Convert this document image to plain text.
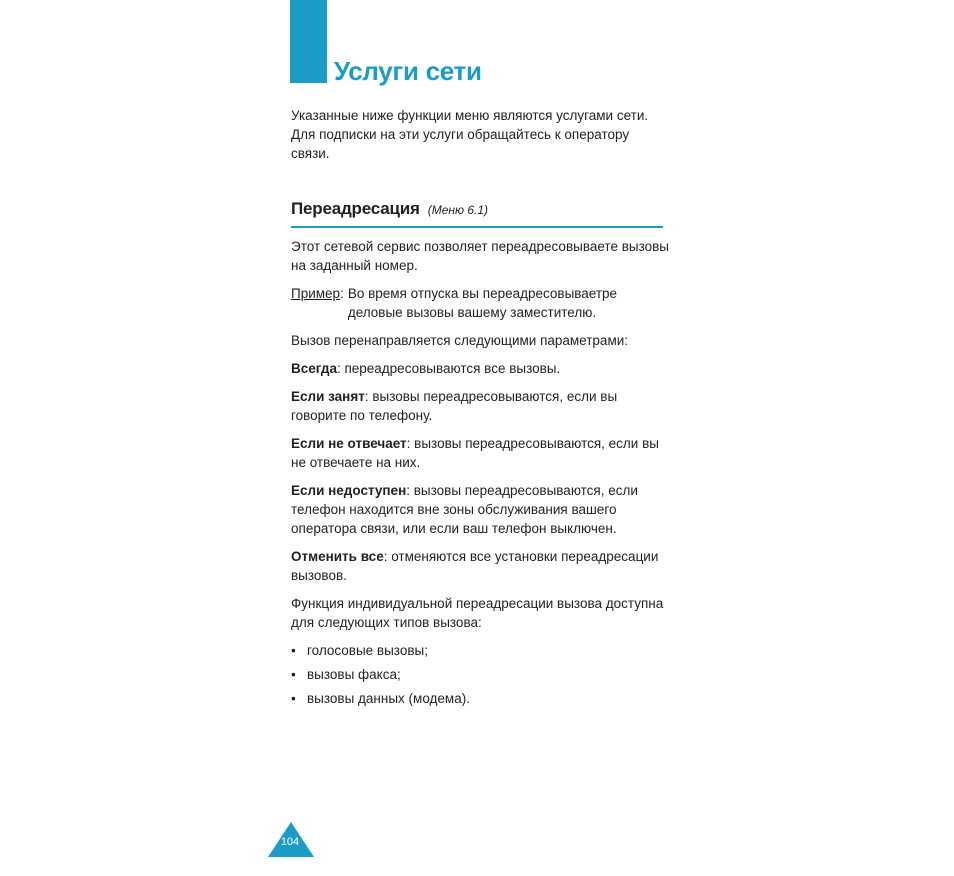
Услуги сети

Указанные ниже функции меню являются услугами сети. Для подписки на эти услуги обращайтесь к оператору связи.

Переадресация (Меню 6.1)

Этот сетевой сервис позволяет переадресовываете вызовы на заданный номер.

Пример: Во время отпуска вы переадресовываетре деловые вызовы вашему заместителю.

Вызов перенаправляется следующими параметрами:

Всегда: переадресовываются все вызовы.

Если занят: вызовы переадресовываются, если вы говорите по телефону.

Если не отвечает: вызовы переадресовываются, если вы не отвечаете на них.

Если недоступен: вызовы переадресовываются, если телефон находится вне зоны обслуживания вашего оператора связи, или если ваш телефон выключен.

Отменить все: отменяются все установки переадресации вызовов.

Функция индивидуальной переадресации вызова доступна для следующих типов вызова:

• голосовые вызовы;
• вызовы факса;
• вызовы данных (модема).
104
